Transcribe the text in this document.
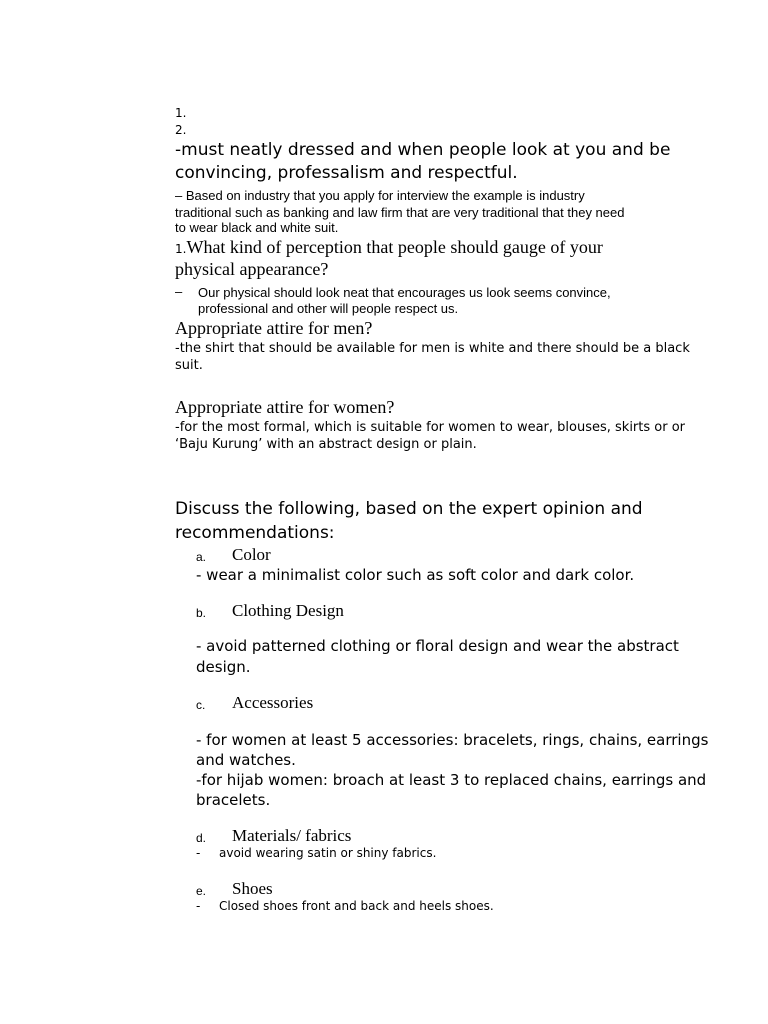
1.
2.
-must neatly dressed and when people look at you and be
convincing, professalism and respectful.
– Based on industry that you apply for interview the example is industry
traditional such as banking and law firm that are very traditional that they need
to wear black and white suit.
1.What kind of perception that people should gauge of your
physical appearance?
– Our physical should look neat that encourages us look seems convince,
professional and other will people respect us.
Appropriate attire for men?
-the shirt that should be available for men is white and there should be a black
suit.
Appropriate attire for women?
-for the most formal, which is suitable for women to wear, blouses, skirts or or
‘Baju Kurung’ with an abstract design or plain.
Discuss the following, based on the expert opinion and
recommendations:
a. Color
- wear a minimalist color such as soft color and dark color.
b. Clothing Design
- avoid patterned clothing or floral design and wear the abstract
design.
c. Accessories
- for women at least 5 accessories: bracelets, rings, chains, earrings
and watches.
-for hijab women: broach at least 3 to replaced chains, earrings and
bracelets.
d. Materials/ fabrics
- avoid wearing satin or shiny fabrics.
e. Shoes
- Closed shoes front and back and heels shoes.
